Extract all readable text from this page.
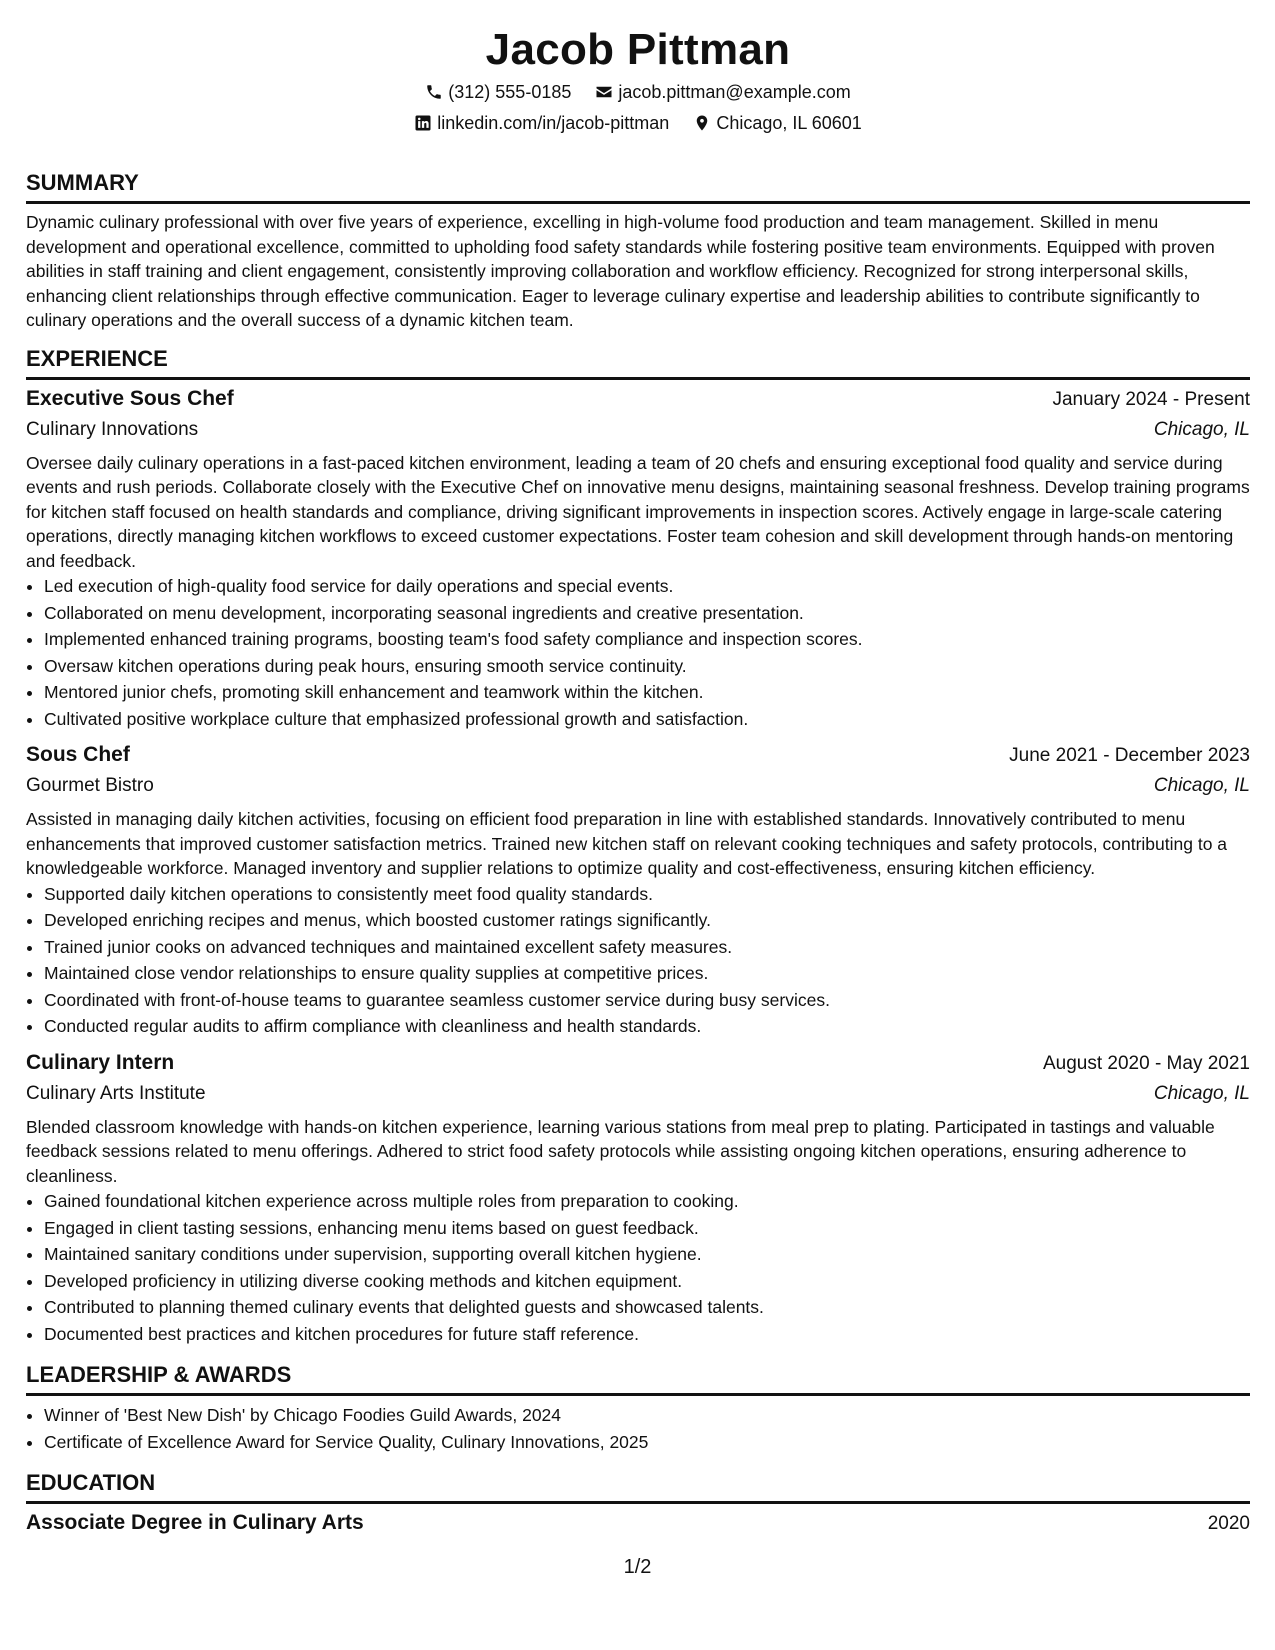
Jacob Pittman
(312) 555-0185	jacob.pittman@example.com
linkedin.com/in/jacob-pittman	Chicago, IL 60601
SUMMARY
Dynamic culinary professional with over five years of experience, excelling in high-volume food production and team management. Skilled in menu development and operational excellence, committed to upholding food safety standards while fostering positive team environments. Equipped with proven abilities in staff training and client engagement, consistently improving collaboration and workflow efficiency. Recognized for strong interpersonal skills, enhancing client relationships through effective communication. Eager to leverage culinary expertise and leadership abilities to contribute significantly to culinary operations and the overall success of a dynamic kitchen team.
EXPERIENCE
Executive Sous Chef	January 2024 - Present
Culinary Innovations	Chicago, IL
Oversee daily culinary operations in a fast-paced kitchen environment, leading a team of 20 chefs and ensuring exceptional food quality and service during events and rush periods. Collaborate closely with the Executive Chef on innovative menu designs, maintaining seasonal freshness. Develop training programs for kitchen staff focused on health standards and compliance, driving significant improvements in inspection scores. Actively engage in large-scale catering operations, directly managing kitchen workflows to exceed customer expectations. Foster team cohesion and skill development through hands-on mentoring and feedback.
• Led execution of high-quality food service for daily operations and special events.
• Collaborated on menu development, incorporating seasonal ingredients and creative presentation.
• Implemented enhanced training programs, boosting team's food safety compliance and inspection scores.
• Oversaw kitchen operations during peak hours, ensuring smooth service continuity.
• Mentored junior chefs, promoting skill enhancement and teamwork within the kitchen.
• Cultivated positive workplace culture that emphasized professional growth and satisfaction.
Sous Chef	June 2021 - December 2023
Gourmet Bistro	Chicago, IL
Assisted in managing daily kitchen activities, focusing on efficient food preparation in line with established standards. Innovatively contributed to menu enhancements that improved customer satisfaction metrics. Trained new kitchen staff on relevant cooking techniques and safety protocols, contributing to a knowledgeable workforce. Managed inventory and supplier relations to optimize quality and cost-effectiveness, ensuring kitchen efficiency.
• Supported daily kitchen operations to consistently meet food quality standards.
• Developed enriching recipes and menus, which boosted customer ratings significantly.
• Trained junior cooks on advanced techniques and maintained excellent safety measures.
• Maintained close vendor relationships to ensure quality supplies at competitive prices.
• Coordinated with front-of-house teams to guarantee seamless customer service during busy services.
• Conducted regular audits to affirm compliance with cleanliness and health standards.
Culinary Intern	August 2020 - May 2021
Culinary Arts Institute	Chicago, IL
Blended classroom knowledge with hands-on kitchen experience, learning various stations from meal prep to plating. Participated in tastings and valuable feedback sessions related to menu offerings. Adhered to strict food safety protocols while assisting ongoing kitchen operations, ensuring adherence to cleanliness.
• Gained foundational kitchen experience across multiple roles from preparation to cooking.
• Engaged in client tasting sessions, enhancing menu items based on guest feedback.
• Maintained sanitary conditions under supervision, supporting overall kitchen hygiene.
• Developed proficiency in utilizing diverse cooking methods and kitchen equipment.
• Contributed to planning themed culinary events that delighted guests and showcased talents.
• Documented best practices and kitchen procedures for future staff reference.
LEADERSHIP & AWARDS
• Winner of 'Best New Dish' by Chicago Foodies Guild Awards, 2024
• Certificate of Excellence Award for Service Quality, Culinary Innovations, 2025
EDUCATION
Associate Degree in Culinary Arts	2020
1/2
